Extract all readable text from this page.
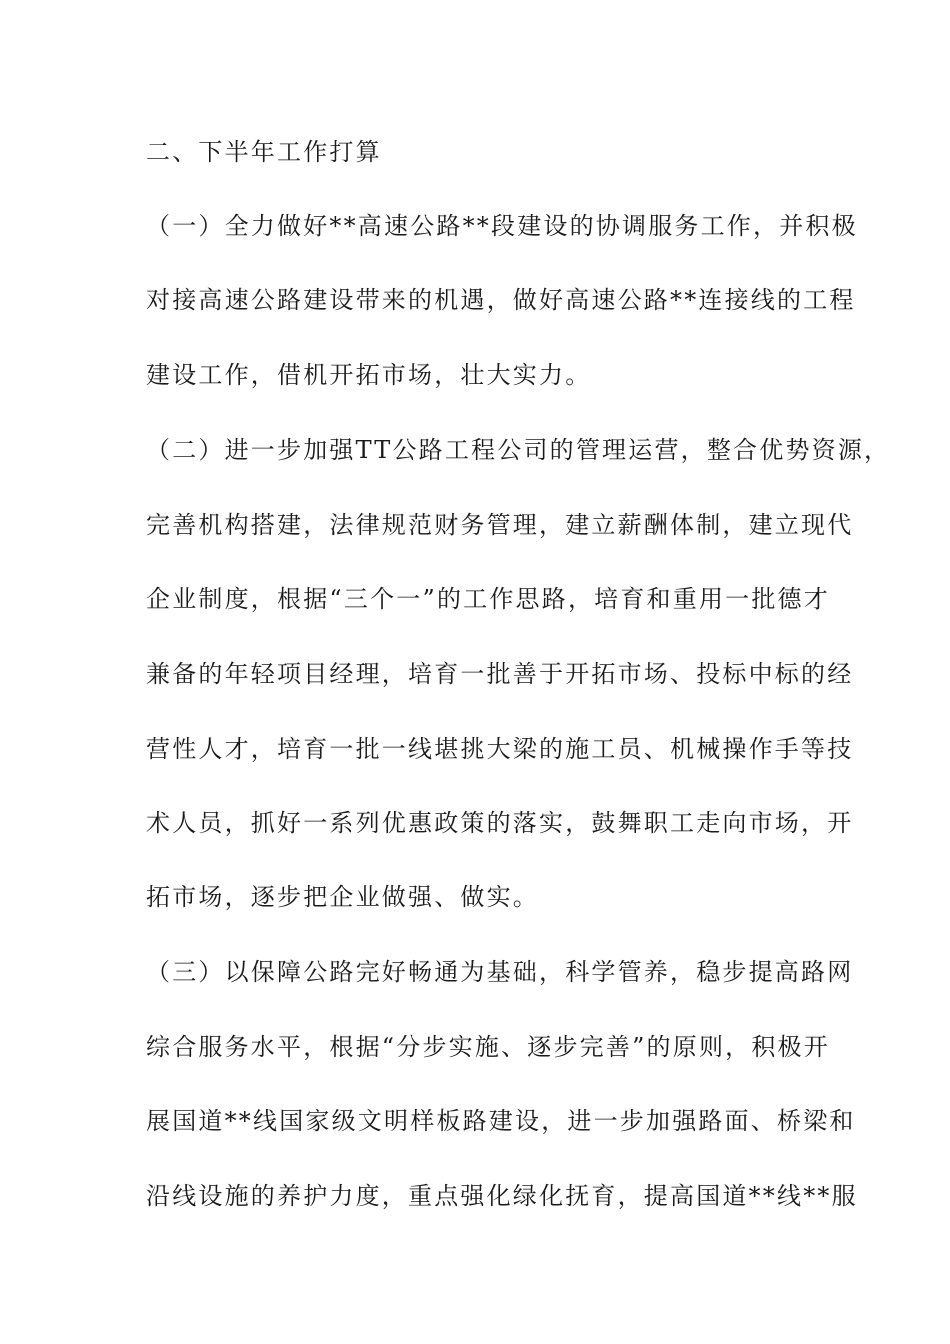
二、下半年工作打算
（一）全力做好**高速公路**段建设的协调服务工作，并积极
对接高速公路建设带来的机遇，做好高速公路**连接线的工程
建设工作，借机开拓市场，壮大实力。
（二）进一步加强TT公路工程公司的管理运营，整合优势资源，
完善机构搭建，法律规范财务管理，建立薪酬体制，建立现代
企业制度，根据“三个一”的工作思路，培育和重用一批德才
兼备的年轻项目经理，培育一批善于开拓市场、投标中标的经
营性人才，培育一批一线堪挑大梁的施工员、机械操作手等技
术人员，抓好一系列优惠政策的落实，鼓舞职工走向市场，开
拓市场，逐步把企业做强、做实。
（三）以保障公路完好畅通为基础，科学管养，稳步提高路网
综合服务水平，根据“分步实施、逐步完善”的原则，积极开
展国道**线国家级文明样板路建设，进一步加强路面、桥梁和
沿线设施的养护力度，重点强化绿化抚育，提高国道**线**服
